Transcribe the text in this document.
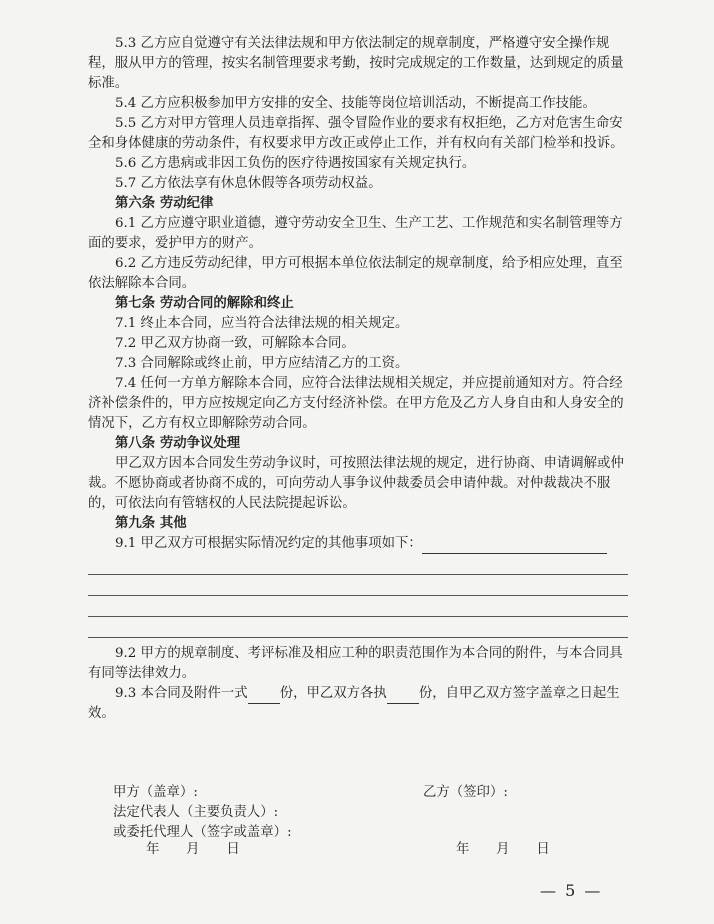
5.3 乙方应自觉遵守有关法律法规和甲方依法制定的规章制度，严格遵守安全操作规程，服从甲方的管理，按实名制管理要求考勤，按时完成规定的工作数量，达到规定的质量标准。

5.4 乙方应积极参加甲方安排的安全、技能等岗位培训活动，不断提高工作技能。

5.5 乙方对甲方管理人员违章指挥、强令冒险作业的要求有权拒绝，乙方对危害生命安全和身体健康的劳动条件，有权要求甲方改正或停止工作，并有权向有关部门检举和投诉。

5.6 乙方患病或非因工负伤的医疗待遇按国家有关规定执行。

5.7 乙方依法享有休息休假等各项劳动权益。

第六条 劳动纪律

6.1 乙方应遵守职业道德，遵守劳动安全卫生、生产工艺、工作规范和实名制管理等方面的要求，爱护甲方的财产。

6.2 乙方违反劳动纪律，甲方可根据本单位依法制定的规章制度，给予相应处理，直至依法解除本合同。

第七条 劳动合同的解除和终止

7.1 终止本合同，应当符合法律法规的相关规定。

7.2 甲乙双方协商一致，可解除本合同。

7.3 合同解除或终止前，甲方应结清乙方的工资。

7.4 任何一方单方解除本合同，应符合法律法规相关规定，并应提前通知对方。符合经济补偿条件的，甲方应按规定向乙方支付经济补偿。在甲方危及乙方人身自由和人身安全的情况下，乙方有权立即解除劳动合同。

第八条 劳动争议处理

甲乙双方因本合同发生劳动争议时，可按照法律法规的规定，进行协商、申请调解或仲裁。不愿协商或者协商不成的，可向劳动人事争议仲裁委员会申请仲裁。对仲裁裁决不服的，可依法向有管辖权的人民法院提起诉讼。

第九条 其他

9.1 甲乙双方可根据实际情况约定的其他事项如下：

9.2 甲方的规章制度、考评标准及相应工种的职责范围作为本合同的附件，与本合同具有同等法律效力。

9.3 本合同及附件一式 份，甲乙双方各执 份，自甲乙双方签字盖章之日起生效。

甲方（盖章）:	乙方（签印）:
法定代表人（主要负责人）:
或委托代理人（签字或盖章）:
年　　月　　日	年　　月　　日
— 5 —
